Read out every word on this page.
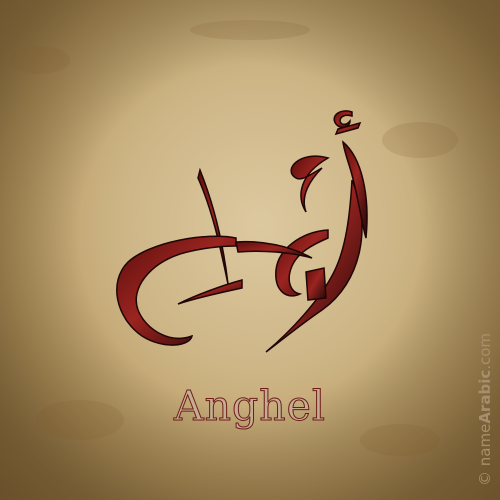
Anghel
© nameArabic.com
